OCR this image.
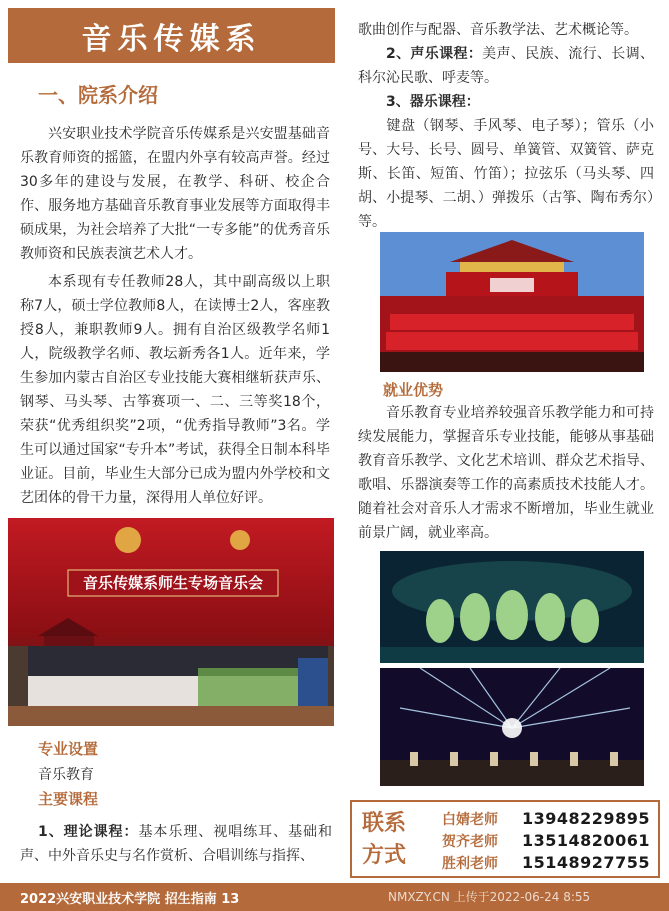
音乐传媒系
一、院系介绍

兴安职业技术学院音乐传媒系是兴安盟基础音乐教育师资的摇篮，在盟内外享有较高声誉。经过30多年的建设与发展，在教学、科研、校企合作、服务地方基础音乐教育事业发展等方面取得丰硕成果，为社会培养了大批“一专多能”的优秀音乐教师资和民族表演艺术人才。

本系现有专任教师28人，其中副高级以上职称7人，硕士学位教师8人，在读博士2人，客座教授8人，兼职教师9人。拥有自治区级教学名师1人，院级教学名师、教坛新秀各1人。近年来，学生参加内蒙古自治区专业技能大赛相继斩获声乐、钢琴、马头琴、古筝赛项一、二、三等奖18个，荣获“优秀组织奖”2项，“优秀指导教师”3名。学生可以通过国家“专升本”考试，获得全日制本科毕业证。目前，毕业生大部分已成为盟内外学校和文艺团体的骨干力量，深得用人单位好评。

音乐传媒系师生专场音乐会
专业设置
音乐教育
主要课程

1、理论课程：基本乐理、视唱练耳、基础和声、中外音乐史与名作赏析、合唱训练与指挥、

歌曲创作与配器、音乐教学法、艺术概论等。
2、声乐课程：美声、民族、流行、长调、科尔沁民歌、呼麦等。
3、器乐课程：
键盘（钢琴、手风琴、电子琴）；管乐（小号、大号、长号、圆号、单簧管、双簧管、萨克斯、长笛、短笛、竹笛）；拉弦乐（马头琴、四胡、小提琴、二胡、）弹拨乐（古筝、陶布秀尔）等。

就业优势

音乐教育专业培养较强音乐教学能力和可持续发展能力，掌握音乐专业技能，能够从事基础教育音乐教学、文化艺术培训、群众艺术指导、歌唱、乐器演奏等工作的高素质技术技能人才。随着社会对音乐人才需求不断增加，毕业生就业前景广阔，就业率高。

联系方式
白婧老师	13948229895
贺齐老师	13514820061
胜利老师	15148927755
2022兴安职业技术学院 招生指南 13	NMXZY.CN 上传于2022-06-24 8:55
